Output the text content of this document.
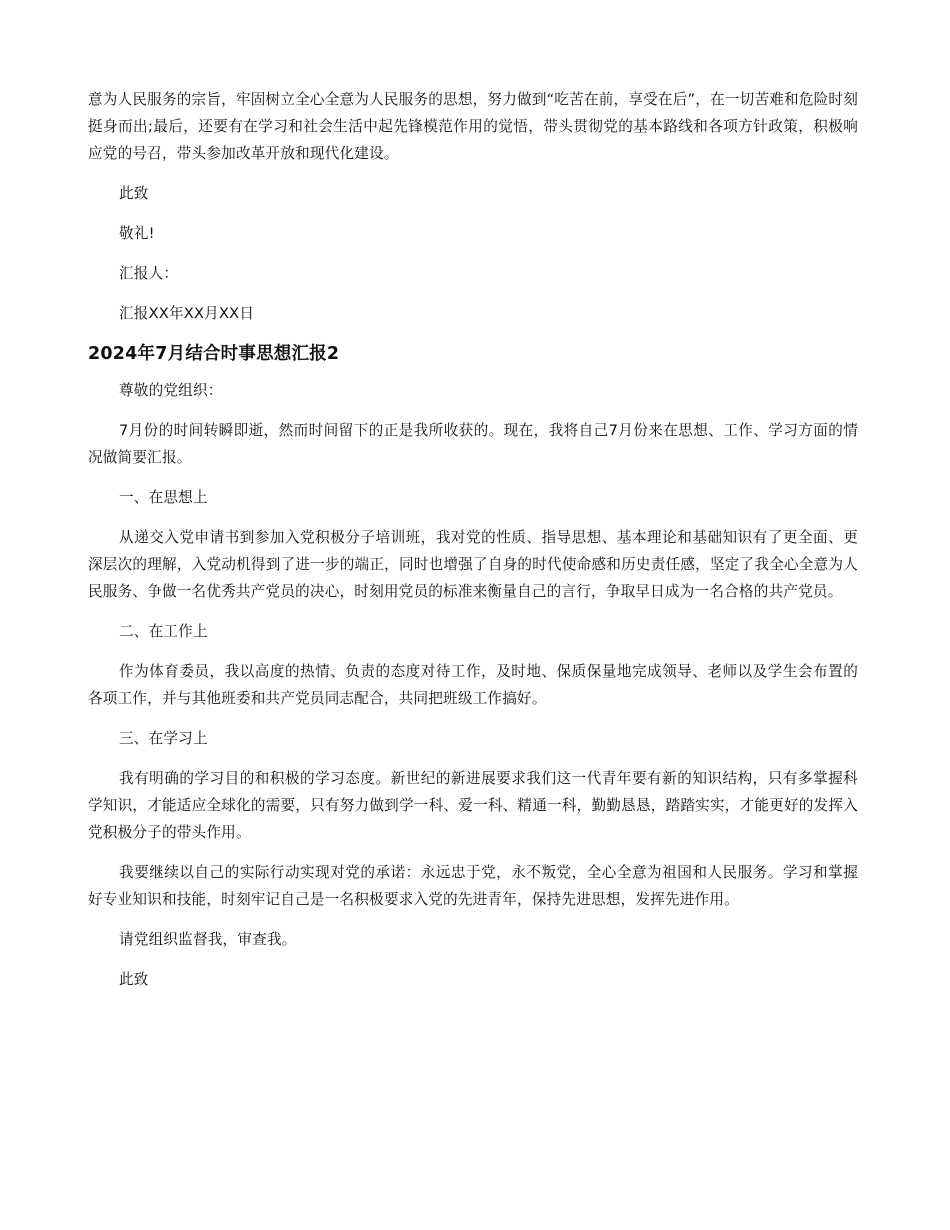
意为人民服务的宗旨，牢固树立全心全意为人民服务的思想，努力做到“吃苦在前，享受在后”，在一切苦难和危险时刻挺身而出;最后，还要有在学习和社会生活中起先锋模范作用的觉悟，带头贯彻党的基本路线和各项方针政策，积极响应党的号召，带头参加改革开放和现代化建设。

此致

敬礼!

汇报人：

汇报XX年XX月XX日

2024年7月结合时事思想汇报2

尊敬的党组织：

7月份的时间转瞬即逝，然而时间留下的正是我所收获的。现在，我将自己7月份来在思想、工作、学习方面的情况做简要汇报。

一、在思想上

从递交入党申请书到参加入党积极分子培训班，我对党的性质、指导思想、基本理论和基础知识有了更全面、更深层次的理解，入党动机得到了进一步的端正，同时也增强了自身的时代使命感和历史责任感，坚定了我全心全意为人民服务、争做一名优秀共产党员的决心，时刻用党员的标准来衡量自己的言行，争取早日成为一名合格的共产党员。

二、在工作上

作为体育委员，我以高度的热情、负责的态度对待工作，及时地、保质保量地完成领导、老师以及学生会布置的各项工作，并与其他班委和共产党员同志配合，共同把班级工作搞好。

三、在学习上

我有明确的学习目的和积极的学习态度。新世纪的新进展要求我们这一代青年要有新的知识结构，只有多掌握科学知识，才能适应全球化的需要，只有努力做到学一科、爱一科、精通一科，勤勤恳恳，踏踏实实，才能更好的发挥入党积极分子的带头作用。

我要继续以自己的实际行动实现对党的承诺：永远忠于党，永不叛党，全心全意为祖国和人民服务。学习和掌握好专业知识和技能，时刻牢记自己是一名积极要求入党的先进青年，保持先进思想，发挥先进作用。

请党组织监督我，审查我。

此致
